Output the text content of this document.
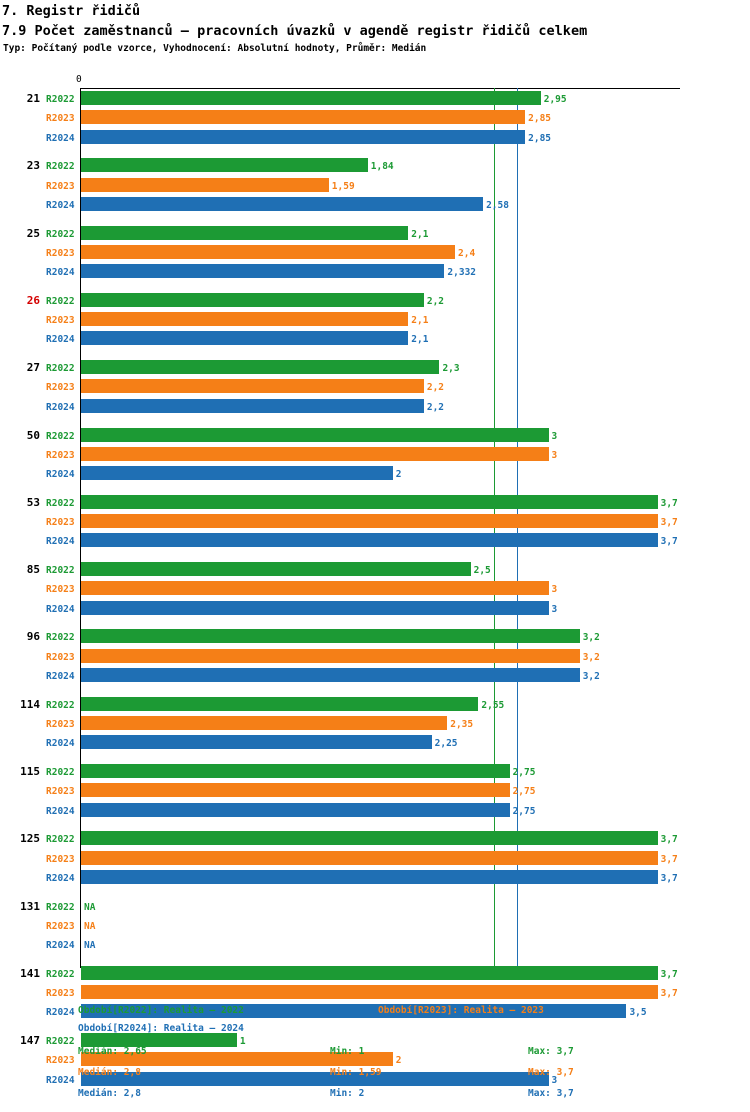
7. Registr řidičů
7.9 Počet zaměstnanců – pracovních úvazků v agendě registr řidičů celkem
Typ: Počítaný podle vzorce, Vyhodnocení: Absolutní hodnoty, Průměr: Medián
0
21 R2022	2,95
R2023	2,85
R2024	2,85
23 R2022	1,84
R2023	1,59
R2024	2,58
25 R2022	2,1
R2023	2,4
R2024	2,332
26 R2022	2,2
R2023	2,1
R2024	2,1
27 R2022	2,3
R2023	2,2
R2024	2,2
50 R2022	3
R2023	3
R2024	2
53 R2022	3,7
R2023	3,7
R2024	3,7
85 R2022	2,5
R2023	3
R2024	3
96 R2022	3,2
R2023	3,2
R2024	3,2
114 R2022	2,55
R2023	2,35
R2024	2,25
115 R2022	2,75
R2023	2,75
R2024	2,75
125 R2022	3,7
R2023	3,7
R2024	3,7
131 R2022 NA
R2023 NA
R2024 NA
141 R2022	3,7
R2023	3,7
R2024	3,5
147 R2022	1
R2023	2
R2024	3
Období[R2022]: Realita – 2022	Období[R2023]: Realita – 2023
Období[R2024]: Realita – 2024
Medián: 2,65	Min: 1	Max: 3,7
Medián: 2,8	Min: 1,59	Max: 3,7
Medián: 2,8	Min: 2	Max: 3,7
